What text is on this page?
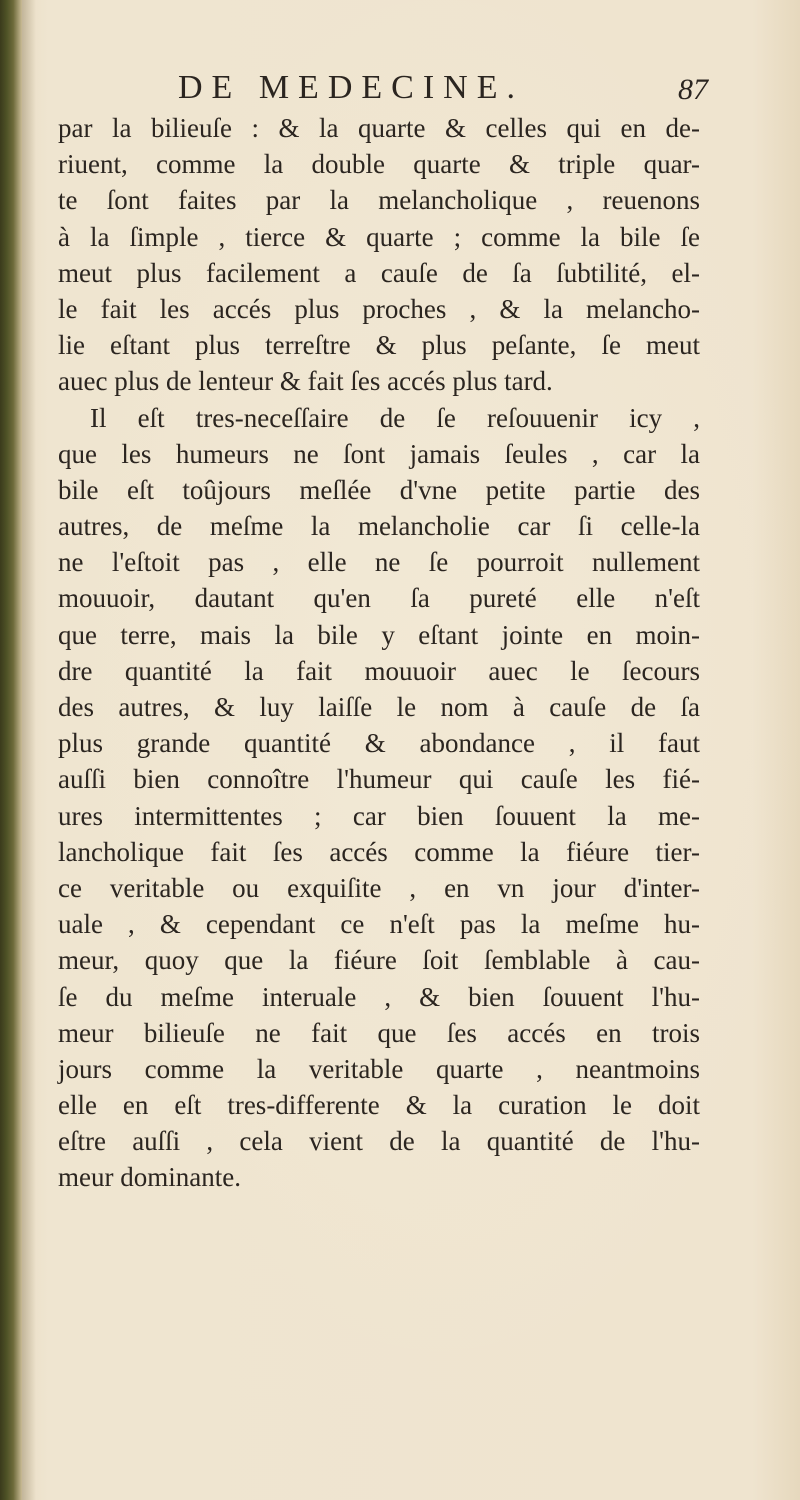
DE MEDECINE.	87
par la bilieuſe : & la quarte & celles qui en de-
riuent, comme la double quarte & triple quar-
te ſont faites par la melancholique , reuenons
à la ſimple , tierce & quarte ; comme la bile ſe
meut plus facilement a cauſe de ſa ſubtilité, el-
le fait les accés plus proches , & la melancho-
lie eſtant plus terreſtre & plus peſante, ſe meut
auec plus de lenteur & fait ſes accés plus tard.
Il eſt tres-neceſſaire de ſe reſouuenir icy ,
que les humeurs ne ſont jamais ſeules , car la
bile eſt toûjours meſlée d'vne petite partie des
autres, de meſme la melancholie car ſi celle-la
ne l'eſtoit pas , elle ne ſe pourroit nullement
mouuoir, dautant qu'en ſa pureté elle n'eſt
que terre, mais la bile y eſtant jointe en moin-
dre quantité la fait mouuoir auec le ſecours
des autres, & luy laiſſe le nom à cauſe de ſa
plus grande quantité & abondance , il faut
auſſi bien connoître l'humeur qui cauſe les fié-
ures intermittentes ; car bien ſouuent la me-
lancholique fait ſes accés comme la fiéure tier-
ce veritable ou exquiſite , en vn jour d'inter-
uale , & cependant ce n'eſt pas la meſme hu-
meur, quoy que la fiéure ſoit ſemblable à cau-
ſe du meſme interuale , & bien ſouuent l'hu-
meur bilieuſe ne fait que ſes accés en trois
jours comme la veritable quarte , neantmoins
elle en eſt tres-differente & la curation le doit
eſtre auſſi , cela vient de la quantité de l'hu-
meur dominante.
